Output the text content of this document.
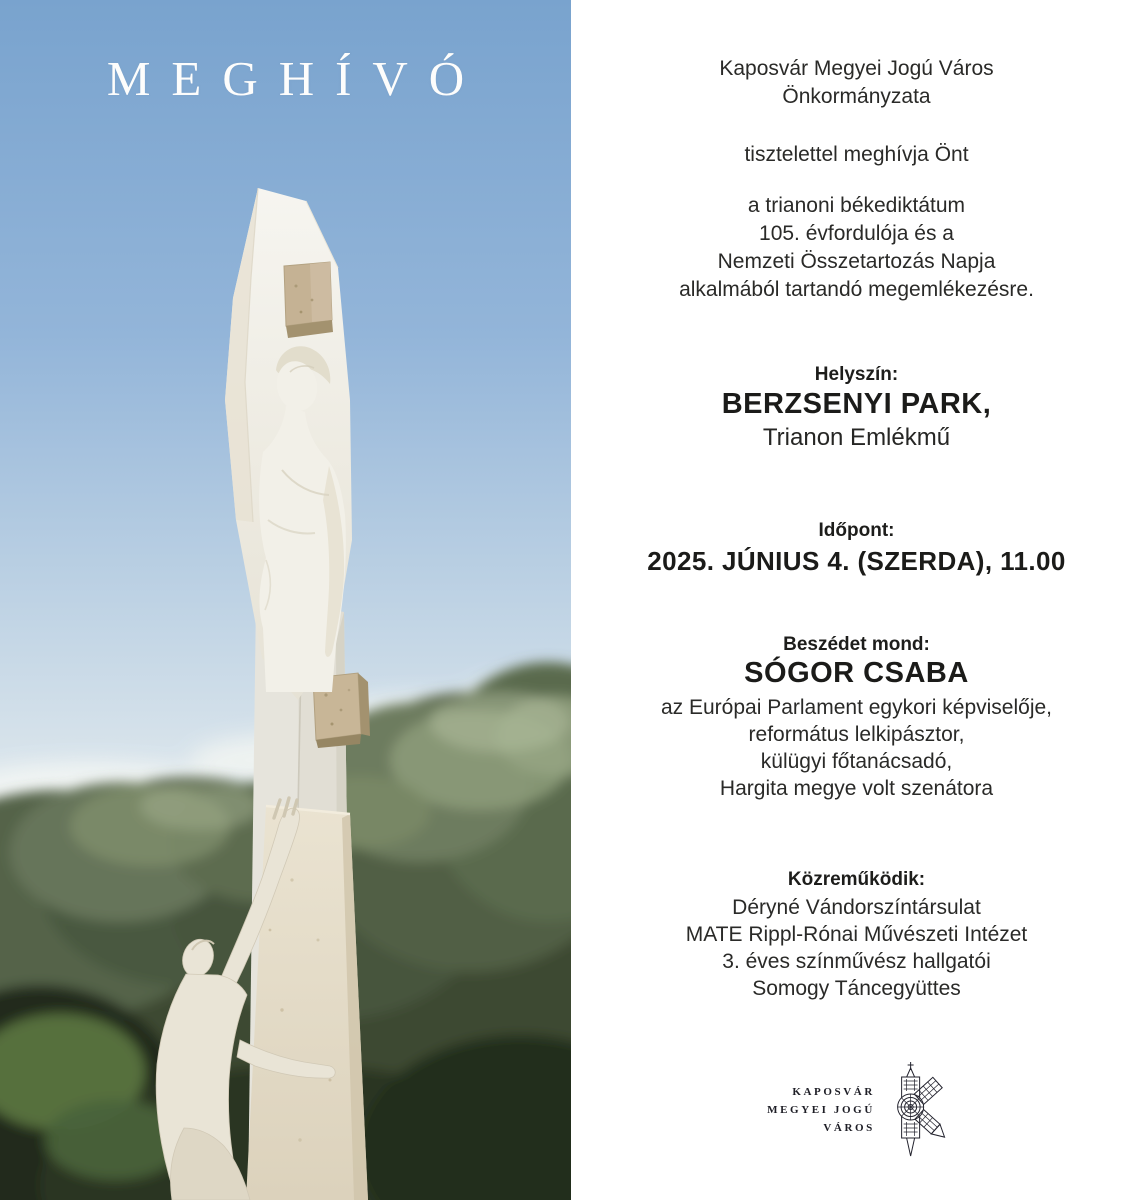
MEGHÍVÓ	Kaposvár Megyei Jogú Város
Önkormányzata
tisztelettel meghívja Önt
a trianoni békediktátum
105. évfordulója és a
Nemzeti Összetartozás Napja
alkalmából tartandó megemlékezésre.
Helyszín:
BERZSENYI PARK,
Trianon Emlékmű
Időpont:
2025. JÚNIUS 4. (SZERDA), 11.00
Beszédet mond:
SÓGOR CSABA
az Európai Parlament egykori képviselője,
református lelkipásztor,
külügyi főtanácsadó,
Hargita megye volt szenátora
Közreműködik:
Déryné Vándorszíntársulat
MATE Rippl-Rónai Művészeti Intézet
3. éves színművész hallgatói
Somogy Táncegyüttes
KAPOSVÁR
MEGYEI JOGÚ
VÁROS
